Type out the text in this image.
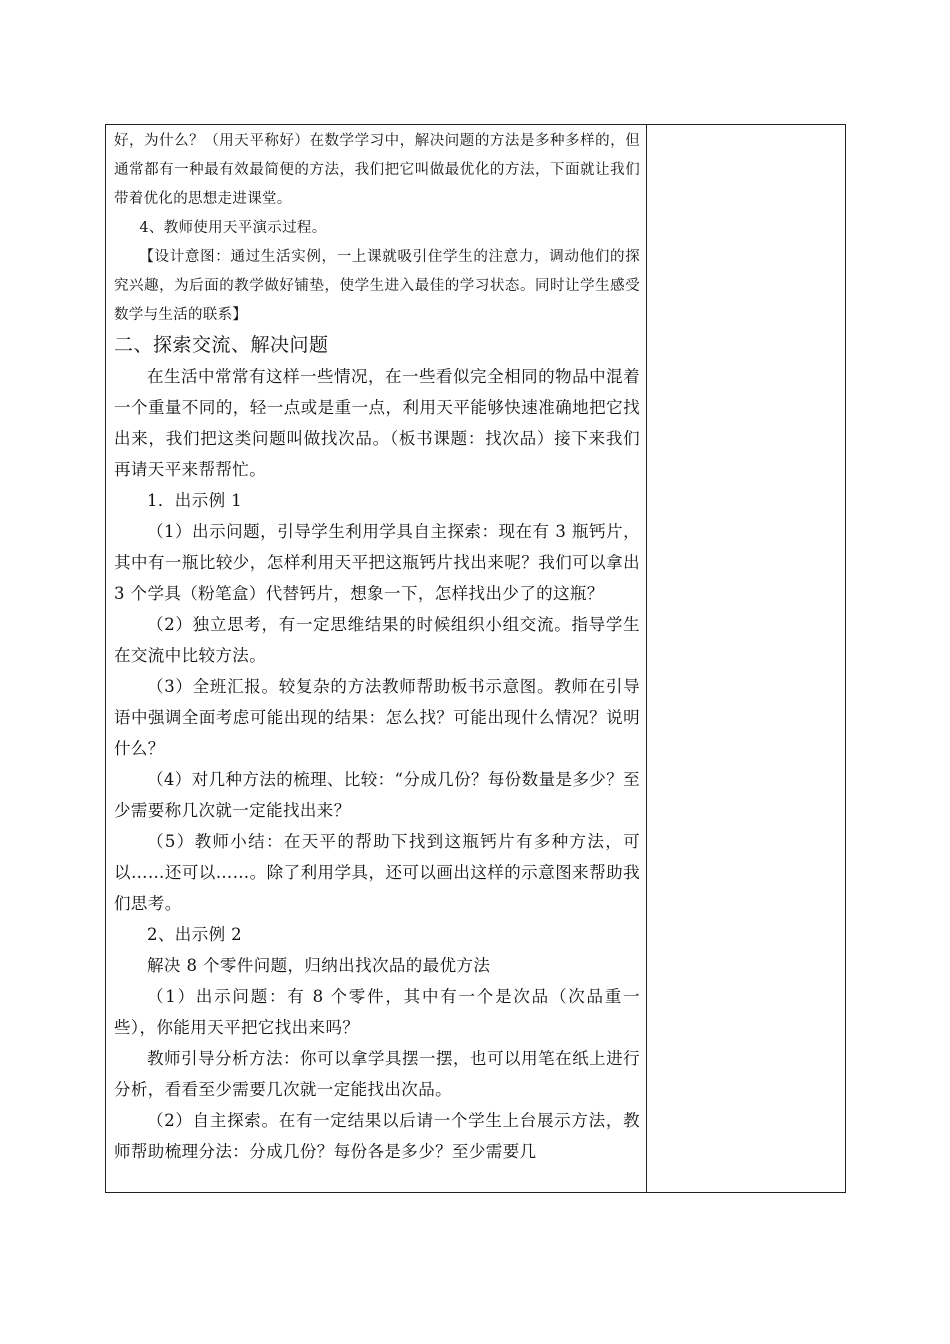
好，为什么？（用天平称好）在数学学习中，解决问题的方法是多种多样的，但通常都有一种最有效最简便的方法，我们把它叫做最优化的方法，下面就让我们带着优化的思想走进课堂。

4、教师使用天平演示过程。

【设计意图：通过生活实例，一上课就吸引住学生的注意力，调动他们的探究兴趣，为后面的教学做好铺垫，使学生进入最佳的学习状态。同时让学生感受数学与生活的联系】

二、探索交流、解决问题

在生活中常常有这样一些情况，在一些看似完全相同的物品中混着一个重量不同的，轻一点或是重一点，利用天平能够快速准确地把它找出来，我们把这类问题叫做找次品。（板书课题：找次品）接下来我们再请天平来帮帮忙。

1．出示例 1

（1）出示问题，引导学生利用学具自主探索：现在有 3 瓶钙片，其中有一瓶比较少，怎样利用天平把这瓶钙片找出来呢？我们可以拿出 3 个学具（粉笔盒）代替钙片，想象一下，怎样找出少了的这瓶？

（2）独立思考，有一定思维结果的时候组织小组交流。指导学生在交流中比较方法。

（3）全班汇报。较复杂的方法教师帮助板书示意图。教师在引导语中强调全面考虑可能出现的结果：怎么找？可能出现什么情况？说明什么？

（4）对几种方法的梳理、比较：“分成几份？每份数量是多少？至少需要称几次就一定能找出来？

（5）教师小结：在天平的帮助下找到这瓶钙片有多种方法，可以……还可以……。除了利用学具，还可以画出这样的示意图来帮助我们思考。

2、出示例 2

解决 8 个零件问题，归纳出找次品的最优方法

（1）出示问题：有 8 个零件，其中有一个是次品（次品重一些），你能用天平把它找出来吗？

教师引导分析方法：你可以拿学具摆一摆，也可以用笔在纸上进行分析，看看至少需要几次就一定能找出次品。

（2）自主探索。在有一定结果以后请一个学生上台展示方法，教师帮助梳理分法：分成几份？每份各是多少？至少需要几
